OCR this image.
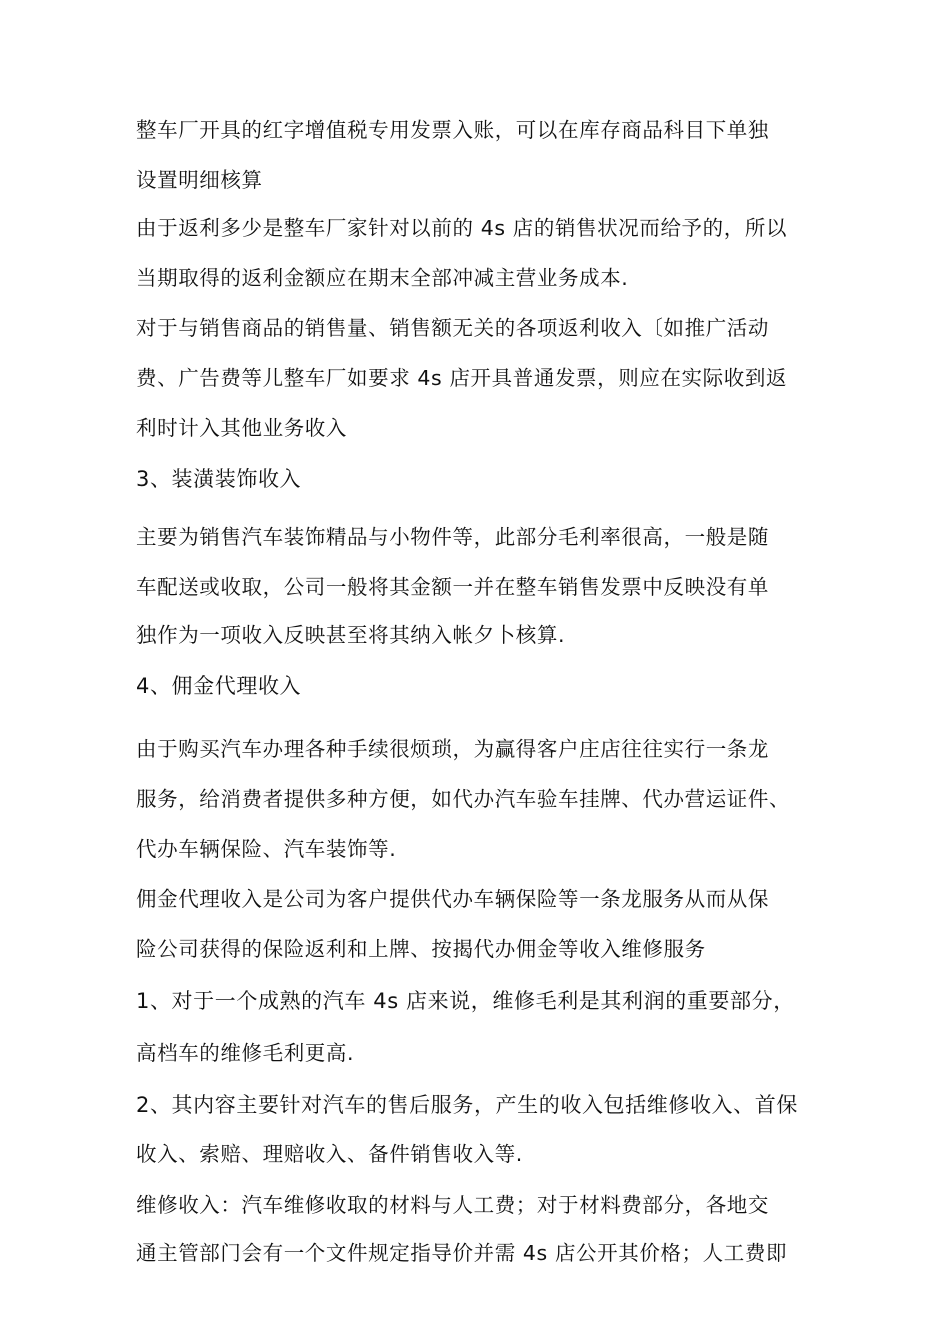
整车厂开具的红字增值税专用发票入账，可以在库存商品科目下单独
设置明细核算
由于返利多少是整车厂家针对以前的 4s 店的销售状况而给予的，所以
当期取得的返利金额应在期末全部冲减主营业务成本.
对于与销售商品的销售量、销售额无关的各项返利收入〔如推广活动
费、广告费等儿整车厂如要求 4s 店开具普通发票，则应在实际收到返
利时计入其他业务收入
3、装潢装饰收入
主要为销售汽车装饰精品与小物件等，此部分毛利率很高，一般是随
车配送或收取，公司一般将其金额一并在整车销售发票中反映没有单
独作为一项收入反映甚至将其纳入帐夕卜核算.
4、佣金代理收入
由于购买汽车办理各种手续很烦琐，为赢得客户庄店往往实行一条龙
服务，给消费者提供多种方便，如代办汽车验车挂牌、代办营运证件、
代办车辆保险、汽车装饰等.
佣金代理收入是公司为客户提供代办车辆保险等一条龙服务从而从保
险公司获得的保险返利和上牌、按揭代办佣金等收入维修服务
1、对于一个成熟的汽车 4s 店来说，维修毛利是其利润的重要部分，
高档车的维修毛利更高.
2、其内容主要针对汽车的售后服务，产生的收入包括维修收入、首保
收入、索赔、理赔收入、备件销售收入等.
维修收入：汽车维修收取的材料与人工费；对于材料费部分，各地交
通主管部门会有一个文件规定指导价并需 4s 店公开其价格；人工费即
